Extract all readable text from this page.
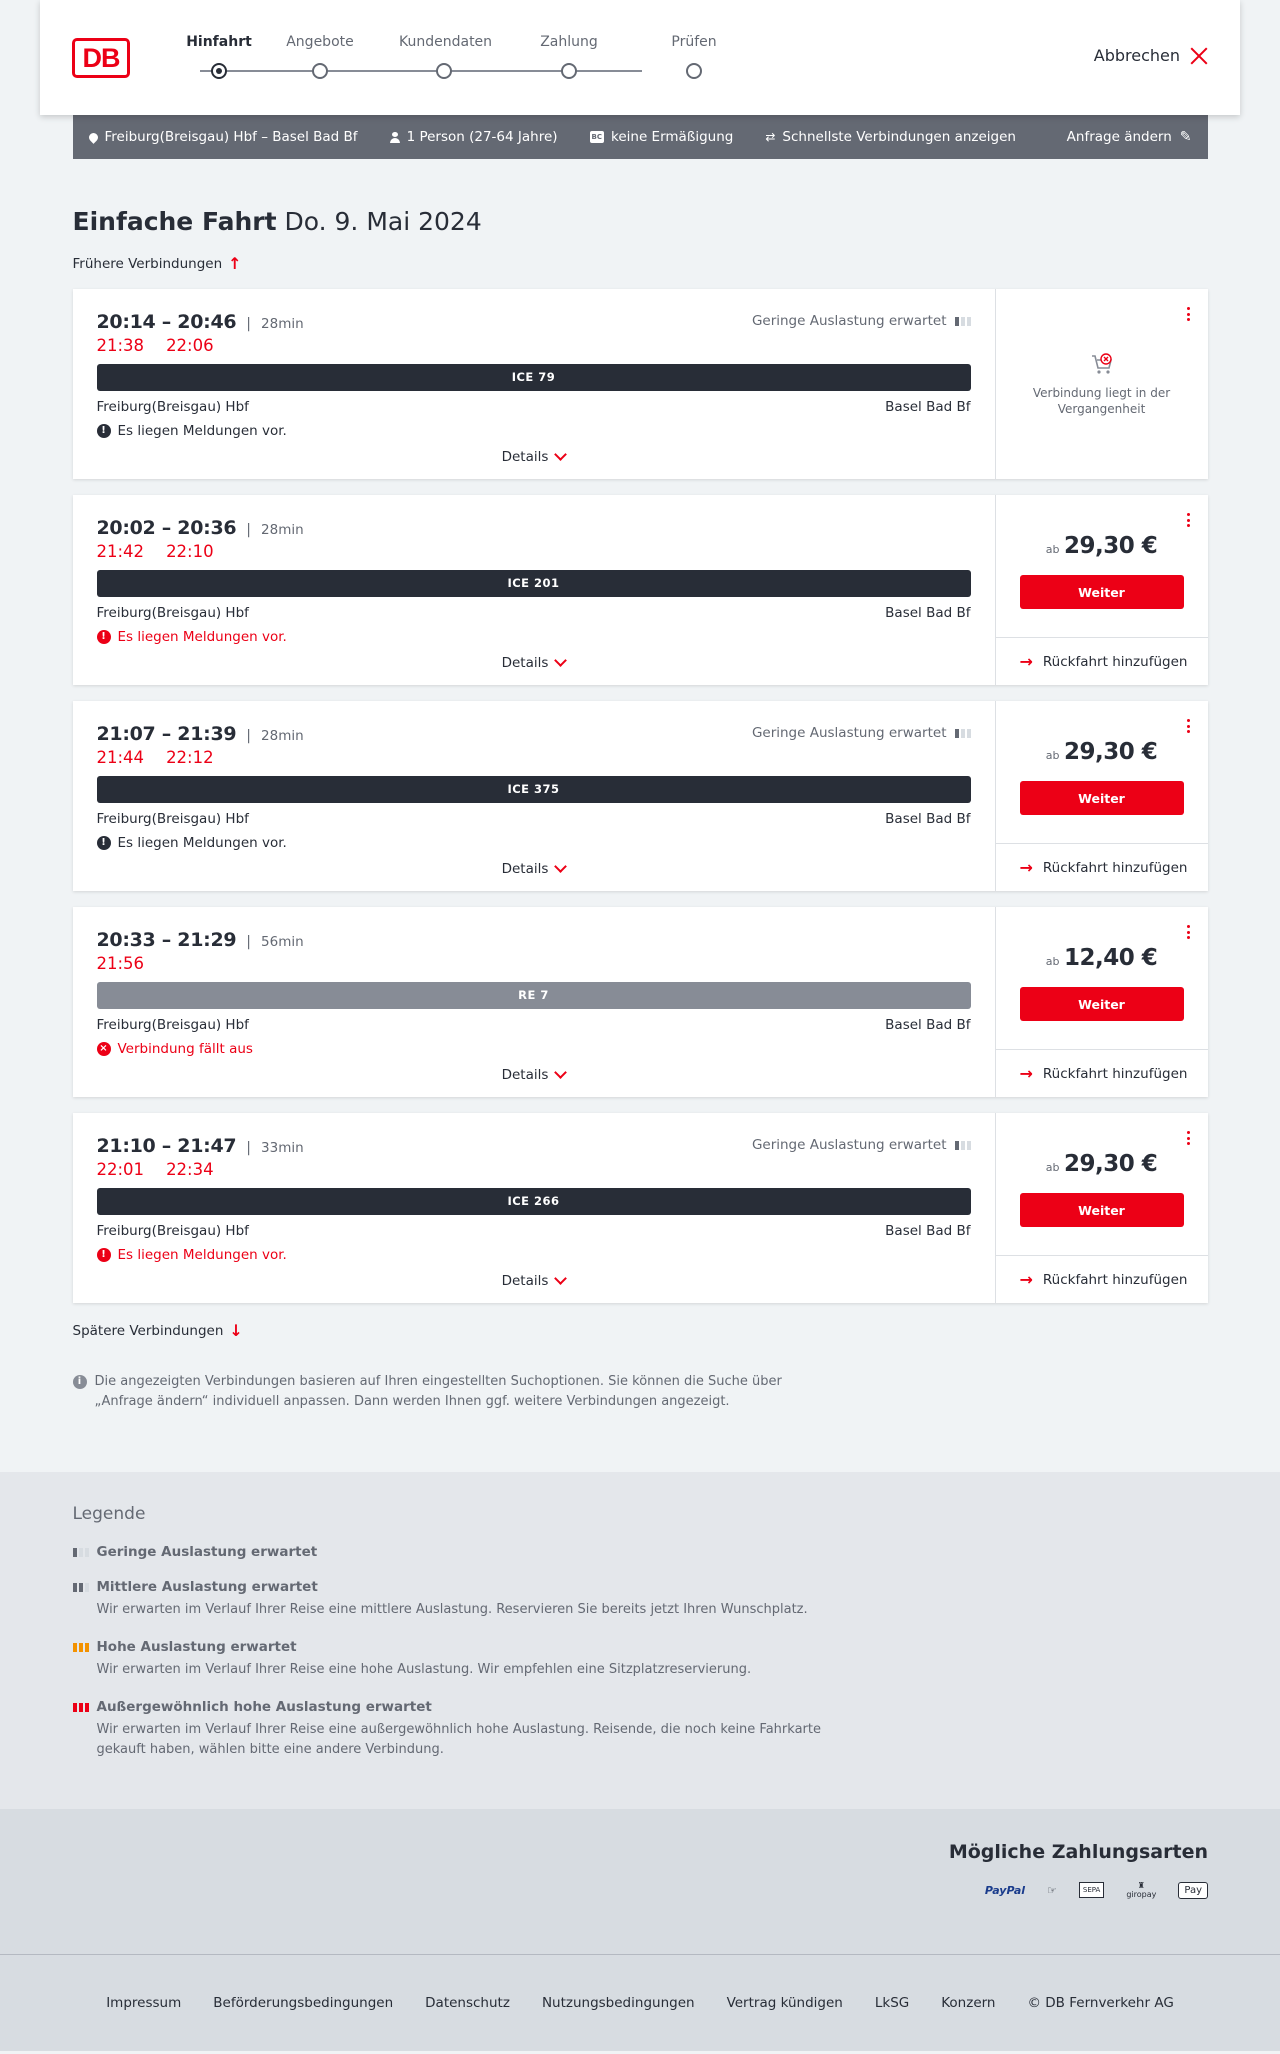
DB
Hinfahrt	Angebote	Kundendaten	Zahlung	Prüfen
Abbrechen
Freiburg(Breisgau) Hbf – Basel Bad Bf	1 Person (27-64 Jahre)	BC keine Ermäßigung	⇄ Schnellste Verbindungen anzeigen	Anfrage ändern ✎
Einfache Fahrt Do. 9. Mai 2024
Frühere Verbindungen ↑
20:14 – 20:46 | 28min	Geringe Auslastung erwartet
21:38 22:06
ICE 79
Freiburg(Breisgau) Hbf	Basel Bad Bf
! Es liegen Meldungen vor.
Details
Verbindung liegt in der Vergangenheit
20:02 – 20:36 | 28min
21:42 22:10
ICE 201
Freiburg(Breisgau) Hbf	Basel Bad Bf
! Es liegen Meldungen vor.
Details
ab 29,30 €
Weiter
→ Rückfahrt hinzufügen
21:07 – 21:39 | 28min	Geringe Auslastung erwartet
21:44 22:12
ICE 375
Freiburg(Breisgau) Hbf	Basel Bad Bf
! Es liegen Meldungen vor.
Details
ab 29,30 €
Weiter
→ Rückfahrt hinzufügen
20:33 – 21:29 | 56min
21:56
RE 7
Freiburg(Breisgau) Hbf	Basel Bad Bf
× Verbindung fällt aus
Details
ab 12,40 €
Weiter
→ Rückfahrt hinzufügen
21:10 – 21:47 | 33min	Geringe Auslastung erwartet
22:01 22:34
ICE 266
Freiburg(Breisgau) Hbf	Basel Bad Bf
! Es liegen Meldungen vor.
Details
ab 29,30 €
Weiter
→ Rückfahrt hinzufügen
Spätere Verbindungen ↓
i	Die angezeigten Verbindungen basieren auf Ihren eingestellten Suchoptionen. Sie können die Suche über „Anfrage ändern“ individuell anpassen. Dann werden Ihnen ggf. weitere Verbindungen angezeigt.
Legende
Geringe Auslastung erwartet
Mittlere Auslastung erwartet
Wir erwarten im Verlauf Ihrer Reise eine mittlere Auslastung. Reservieren Sie bereits jetzt Ihren Wunschplatz.
Hohe Auslastung erwartet
Wir erwarten im Verlauf Ihrer Reise eine hohe Auslastung. Wir empfehlen eine Sitzplatzreservierung.
Außergewöhnlich hohe Auslastung erwartet
Wir erwarten im Verlauf Ihrer Reise eine außergewöhnlich hohe Auslastung. Reisende, die noch keine Fahrkarte gekauft haben, wählen bitte eine andere Verbindung.
Mögliche Zahlungsarten
PayPal ☞	SEPA	♜
giropay	Pay
Impressum Beförderungsbedingungen Datenschutz Nutzungsbedingungen Vertrag kündigen LkSG Konzern © DB Fernverkehr AG
